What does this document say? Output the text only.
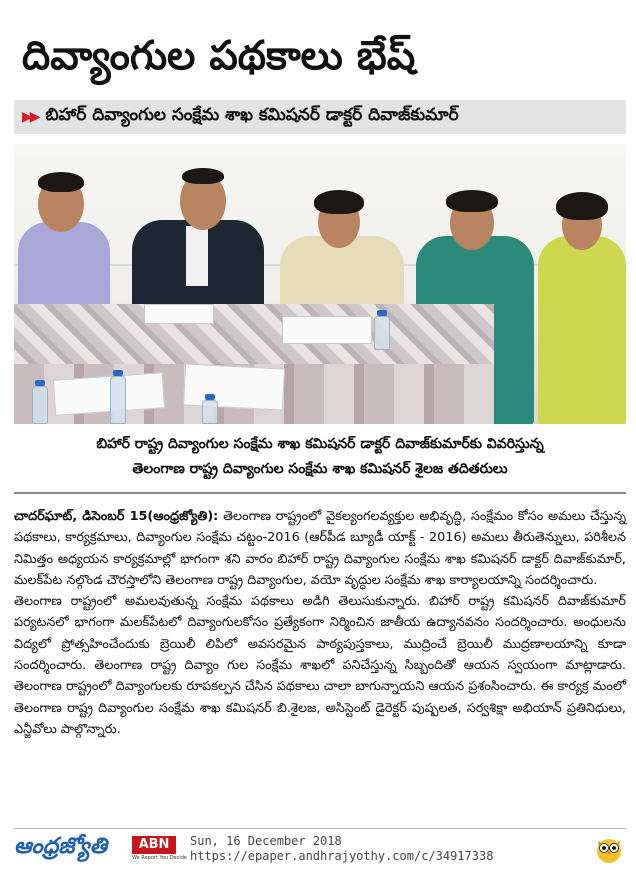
దివ్యాంగుల పథకాలు భేష్
▶▶ బిహార్ దివ్యాంగుల సంక్షేమ శాఖ కమిషనర్ డాక్టర్ దివాజ్‌కుమార్
బిహార్ రాష్ట్ర దివ్యాంగుల సంక్షేమ శాఖ కమిషనర్ డాక్టర్ దివాజ్‌కుమార్‌కు వివరిస్తున్న
తెలంగాణ రాష్ట్ర దివ్యాంగుల సంక్షేమ శాఖ కమిషనర్ శైలజ తదితరులు

చాదర్‌ఘాట్, డిసెంబర్ 15(ఆంధ్రజ్యోతి): తెలంగాణ రాష్ట్రంలో వైకల్యంగలవ్యక్తుల అభివృద్ధి, సంక్షేమం కోసం అమలు చేస్తున్న పథకాలు, కార్యక్రమాలు, దివ్యాంగుల సంక్షేమ చట్టం-2016 (ఆర్‌పీడ బ్యూడీ యాక్ట్ - 2016) అమలు తీరుతెన్నులు, పరిశీలన నిమిత్తం అధ్యయన కార్యక్రమాల్లో భాగంగా శని వారం బిహార్ రాష్ట్ర దివ్యాంగుల సంక్షేమ శాఖ కమిషనర్ డాక్టర్ దివాజ్‌కుమార్, మలక్‌పేట నల్గొండ చౌరస్తాలోని తెలంగాణ రాష్ట్ర దివ్యాంగుల, వయో వృద్ధుల సంక్షేమ శాఖ కార్యాలయాన్ని సందర్శించారు.

తెలంగాణ రాష్ట్రంలో అమలవుతున్న సంక్షేమ పథకాలు అడిగి తెలుసుకున్నారు. బిహార్ రాష్ట్ర కమిషనర్ దివాజ్‌కుమార్ పర్యటనలో భాగంగా మలక్‌పేటలో దివ్యాంగులకోసం ప్రత్యేకంగా నిర్మించిన జాతీయ ఉద్యానవనం సందర్శించారు. అంధులను విద్యలో ప్రోత్సహించేందుకు బ్రెయిలీ లిపిలో అవసరమైన పాఠ్యపుస్తకాలు, ముద్రించే బ్రెయిలీ ముద్రణాలయాన్ని కూడా సందర్శించారు. తెలంగాణ రాష్ట్ర దివ్యాం గుల సంక్షేమ శాఖలో పనిచేస్తున్న సిబ్బందితో ఆయన స్వయంగా మాట్లాడారు. తెలంగాణ రాష్ట్రంలో దివ్యాంగులకు రూపకల్పన చేసిన పథకాలు చాలా బాగున్నాయని ఆయన ప్రశంసించారు. ఈ కార్యక్ర మంలో తెలంగాణ రాష్ట్ర దివ్యాంగుల సంక్షేమ శాఖ కమిషనర్ బి.శైలజ, అసిస్టెంట్ డైరెక్టర్ పుష్పలత, సర్వశిక్షా అభియాన్ ప్రతినిధులు, ఎన్జీవోలు పాల్గొన్నారు.

ఆంధ్రజ్యోతి	ABN
We Report You Decide
Sun, 16 December 2018
https://epaper.andhrajyothy.com/c/34917338
